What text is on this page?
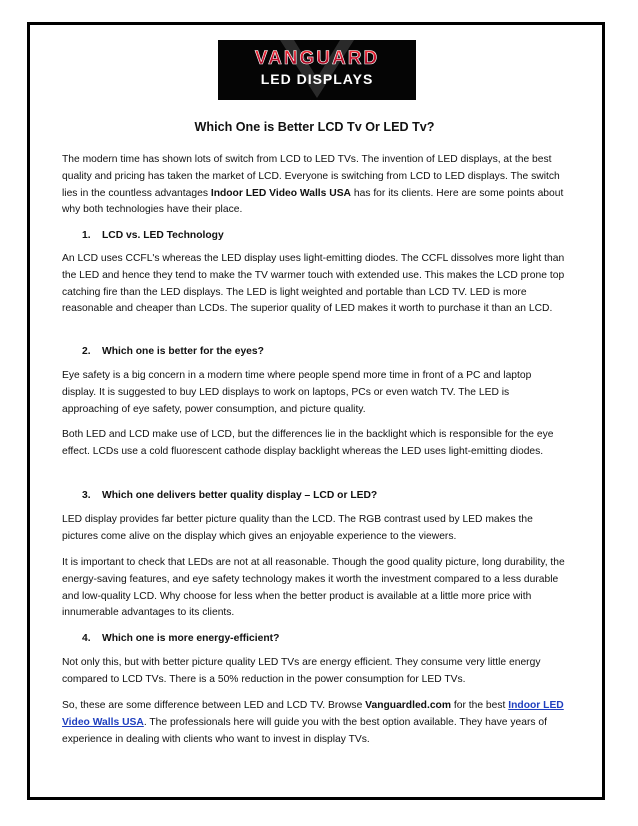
VANGUARD
LED DISPLAYS
Which One is Better LCD Tv Or LED Tv?

The modern time has shown lots of switch from LCD to LED TVs. The invention of LED displays, at the best quality and pricing has taken the market of LCD. Everyone is switching from LCD to LED displays. The switch lies in the countless advantages Indoor LED Video Walls USA has for its clients. Here are some points about why both technologies have their place.

1. LCD vs. LED Technology

An LCD uses CCFL's whereas the LED display uses light-emitting diodes. The CCFL dissolves more light than the LED and hence they tend to make the TV warmer touch with extended use. This makes the LCD prone top catching fire than the LED displays. The LED is light weighted and portable than LCD TV. LED is more reasonable and cheaper than LCDs. The superior quality of LED makes it worth to purchase it than an LCD.

2. Which one is better for the eyes?

Eye safety is a big concern in a modern time where people spend more time in front of a PC and laptop display. It is suggested to buy LED displays to work on laptops, PCs or even watch TV. The LED is approaching of eye safety, power consumption, and picture quality.

Both LED and LCD make use of LCD, but the differences lie in the backlight which is responsible for the eye effect. LCDs use a cold fluorescent cathode display backlight whereas the LED uses light-emitting diodes.

3. Which one delivers better quality display – LCD or LED?

LED display provides far better picture quality than the LCD. The RGB contrast used by LED makes the pictures come alive on the display which gives an enjoyable experience to the viewers.

It is important to check that LEDs are not at all reasonable. Though the good quality picture, long durability, the energy-saving features, and eye safety technology makes it worth the investment compared to a less durable and low-quality LCD. Why choose for less when the better product is available at a little more price with innumerable advantages to its clients.

4. Which one is more energy-efficient?

Not only this, but with better picture quality LED TVs are energy efficient. They consume very little energy compared to LCD TVs. There is a 50% reduction in the power consumption for LED TVs.

So, these are some difference between LED and LCD TV. Browse Vanguardled.com for the best Indoor LED Video Walls USA. The professionals here will guide you with the best option available. They have years of experience in dealing with clients who want to invest in display TVs.
